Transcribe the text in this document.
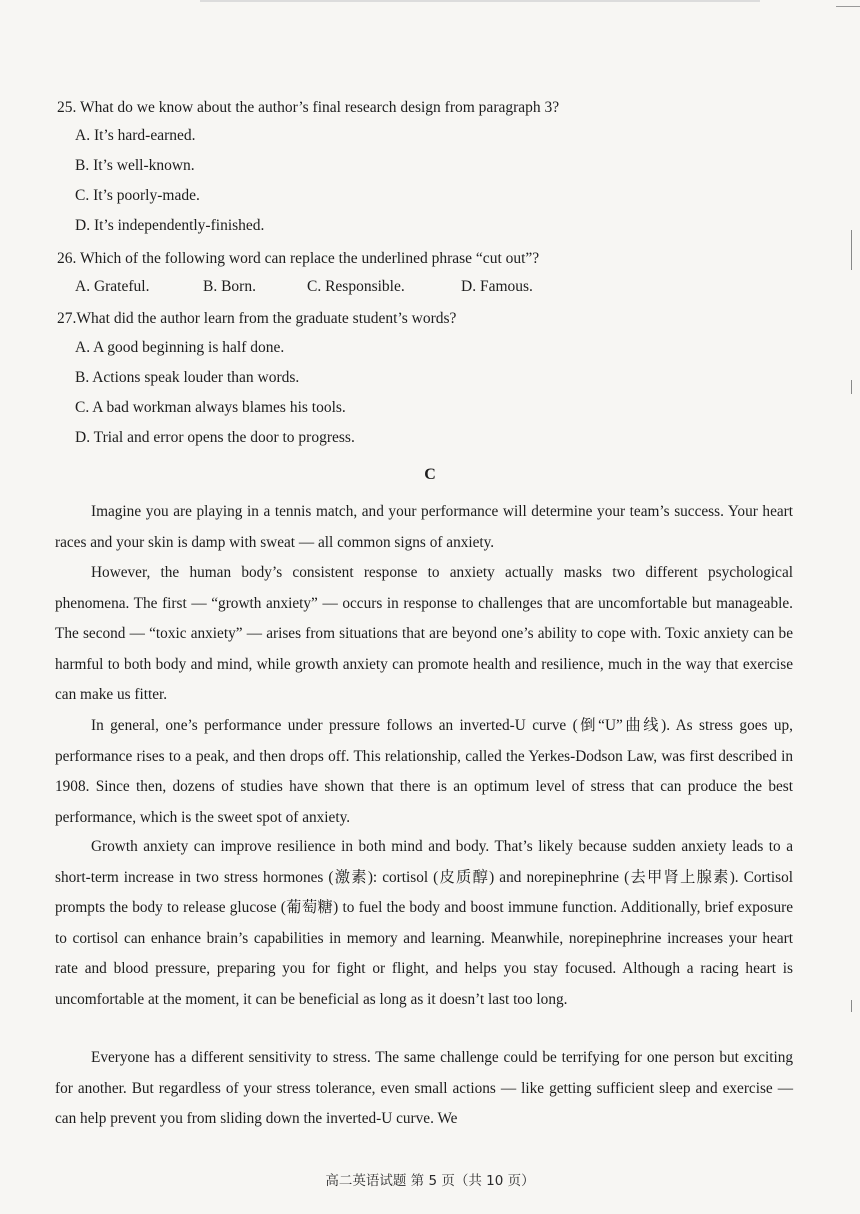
25. What do we know about the author’s final research design from paragraph 3?
A. It’s hard-earned.
B. It’s well-known.
C. It’s poorly-made.
D. It’s independently-finished.
26. Which of the following word can replace the underlined phrase “cut out”?
A. Grateful.	B. Born.	C. Responsible.	D. Famous.
27.What did the author learn from the graduate student’s words?
A. A good beginning is half done.
B. Actions speak louder than words.
C. A bad workman always blames his tools.
D. Trial and error opens the door to progress.
C
Imagine you are playing in a tennis match, and your performance will determine your team’s success. Your heart races and your skin is damp with sweat — all common signs of anxiety.
However, the human body’s consistent response to anxiety actually masks two different psychological phenomena. The first — “growth anxiety” — occurs in response to challenges that are uncomfortable but manageable. The second — “toxic anxiety” — arises from situations that are beyond one’s ability to cope with. Toxic anxiety can be harmful to both body and mind, while growth anxiety can promote health and resilience, much in the way that exercise can make us fitter.
In general, one’s performance under pressure follows an inverted-U curve (倒“U”曲线). As stress goes up, performance rises to a peak, and then drops off. This relationship, called the Yerkes-Dodson Law, was first described in 1908. Since then, dozens of studies have shown that there is an optimum level of stress that can produce the best performance, which is the sweet spot of anxiety.
Growth anxiety can improve resilience in both mind and body. That’s likely because sudden anxiety leads to a short-term increase in two stress hormones (激素): cortisol (皮质醇) and norepinephrine (去甲肾上腺素). Cortisol prompts the body to release glucose (葡萄糖) to fuel the body and boost immune function. Additionally, brief exposure to cortisol can enhance brain’s capabilities in memory and learning. Meanwhile, norepinephrine increases your heart rate and blood pressure, preparing you for fight or flight, and helps you stay focused. Although a racing heart is uncomfortable at the moment, it can be beneficial as long as it doesn’t last too long.
Everyone has a different sensitivity to stress. The same challenge could be terrifying for one person but exciting for another. But regardless of your stress tolerance, even small actions — like getting sufficient sleep and exercise — can help prevent you from sliding down the inverted-U curve. We
高二英语试题 第 5 页（共 10 页）
